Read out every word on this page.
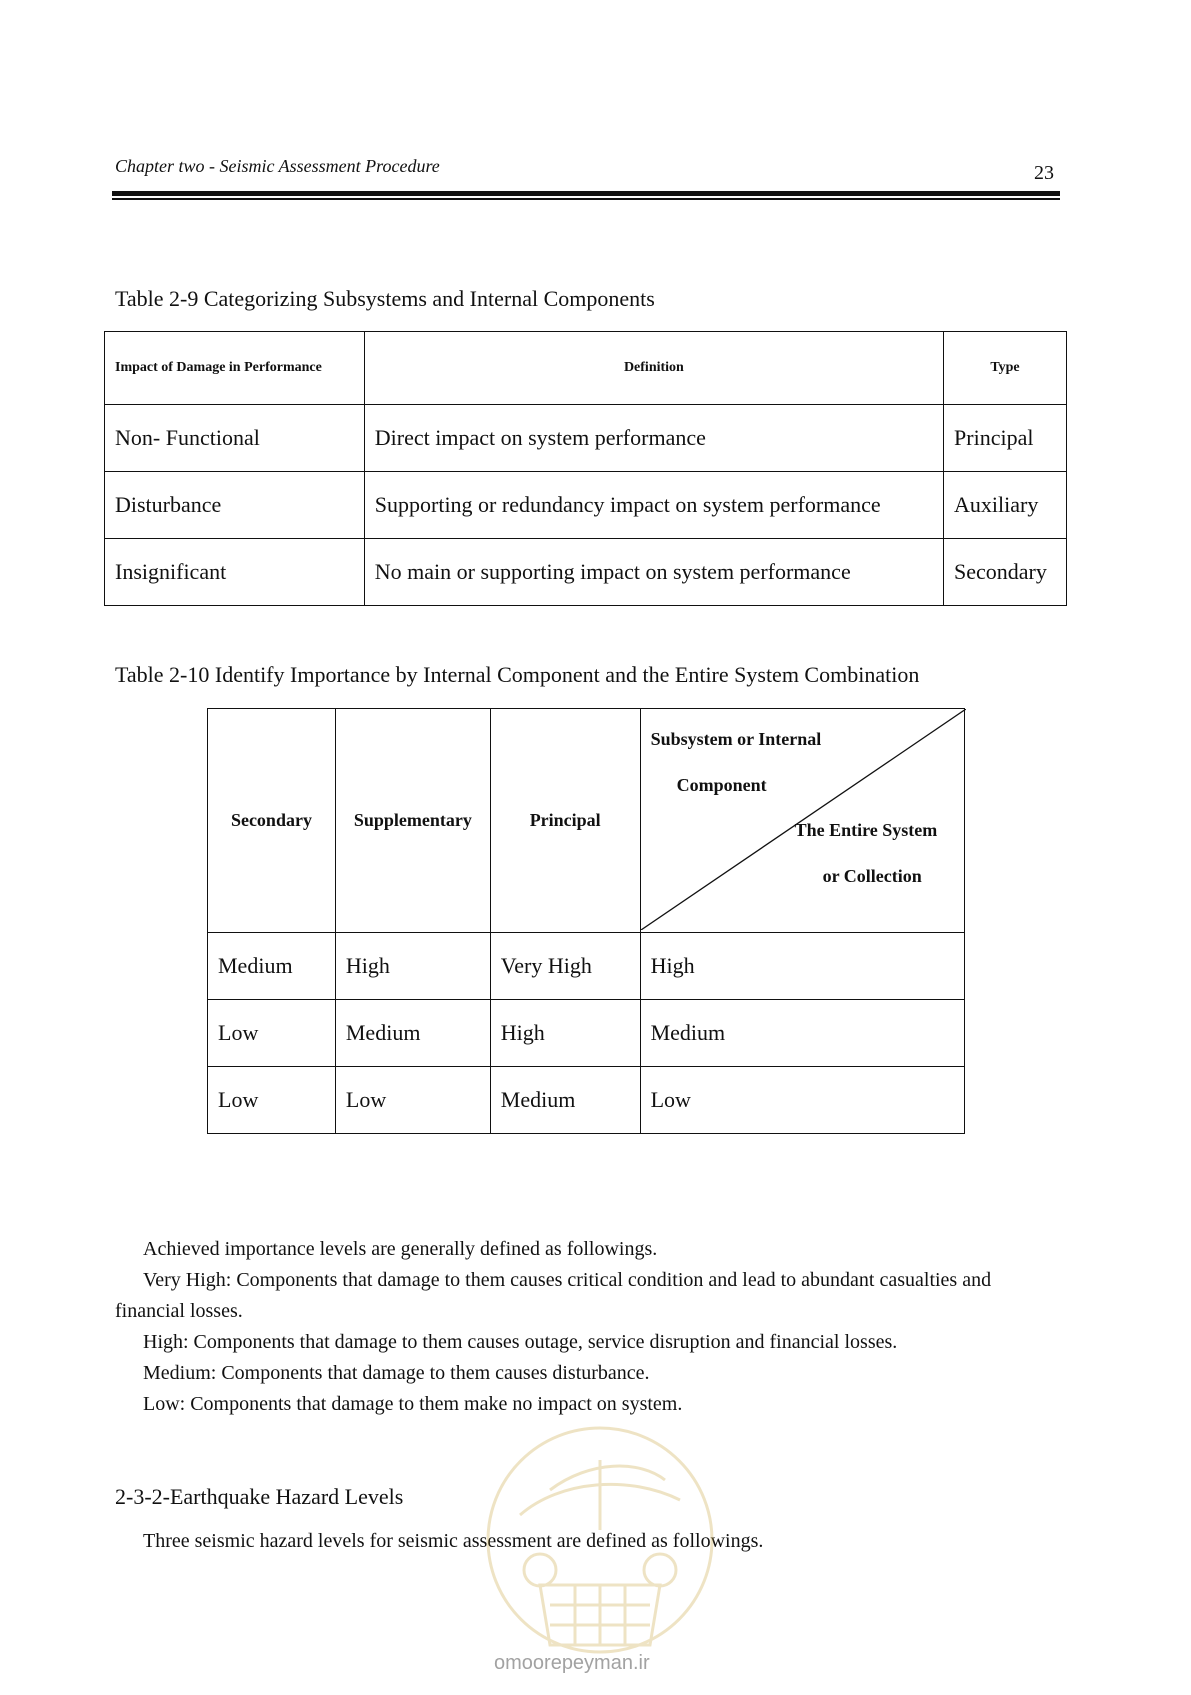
Chapter two - Seismic Assessment Procedure	23
Table 2-9 Categorizing Subsystems and Internal Components
Impact of Damage in Performance	Definition	Type
Non- Functional	Direct impact on system performance	Principal
Disturbance	Supporting or redundancy impact on system performance	Auxiliary
Insignificant	No main or supporting impact on system performance	Secondary
Table 2-10 Identify Importance by Internal Component and the Entire System Combination
Secondary	Supplementary	Principal	Subsystem or Internal
Component
The Entire System
or Collection

Medium	High	Very High	High
Low	Medium	High	Medium
Low	Low	Medium	Low

Achieved importance levels are generally defined as followings.

Very High: Components that damage to them causes critical condition and lead to abundant casualties and financial losses.

High: Components that damage to them causes outage, service disruption and financial losses.

Medium: Components that damage to them causes disturbance.

Low: Components that damage to them make no impact on system.

2-3-2-Earthquake Hazard Levels
Three seismic hazard levels for seismic assessment are defined as followings.
omoorepeyman.ir
